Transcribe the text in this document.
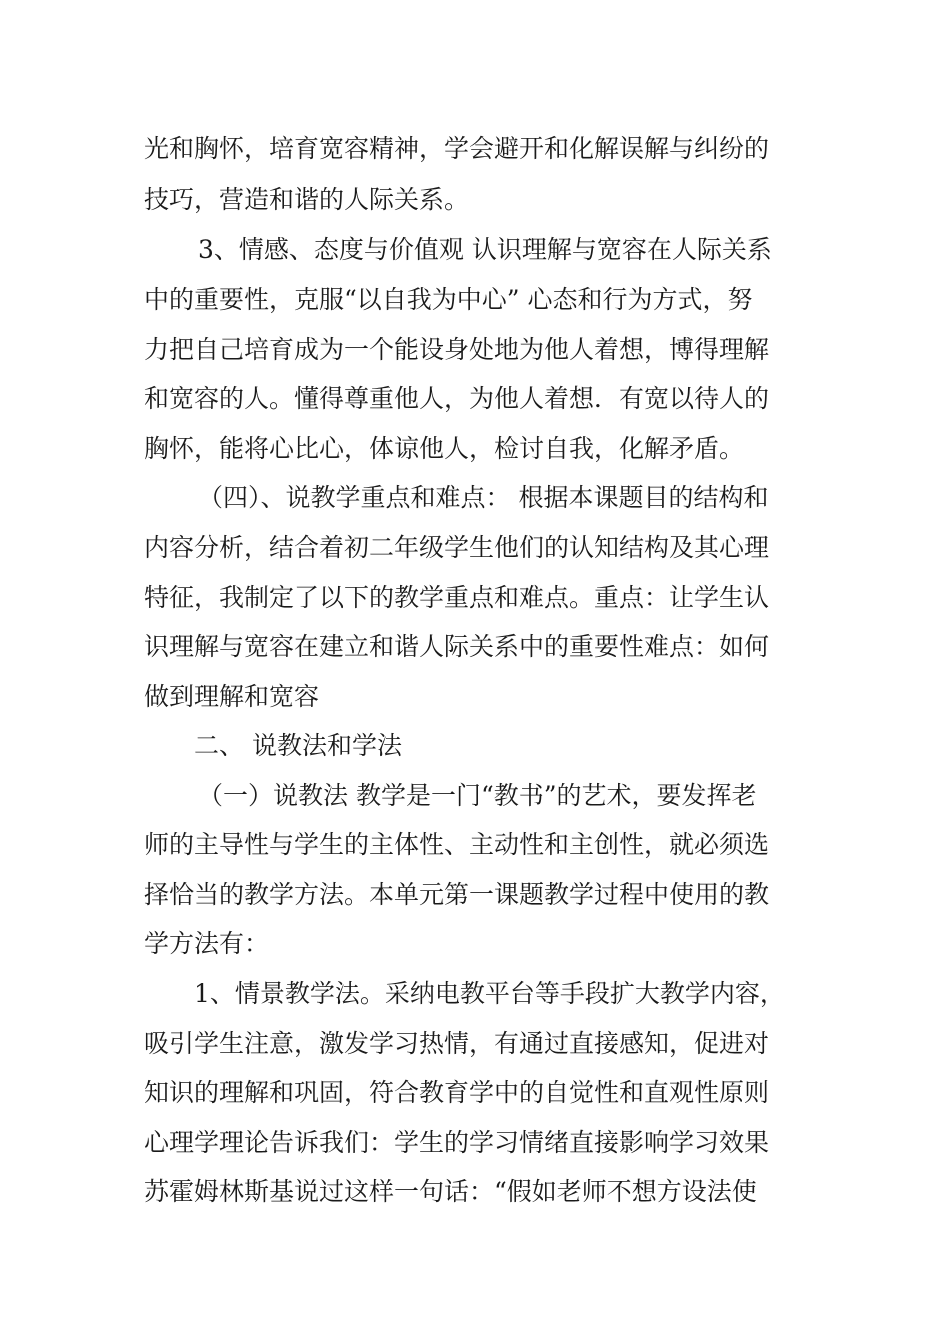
光和胸怀，培育宽容精神，学会避开和化解误解与纠纷的
技巧，营造和谐的人际关系。
3、情感、态度与价值观 认识理解与宽容在人际关系
中的重要性，克服“以自我为中心” 心态和行为方式，努
力把自己培育成为一个能设身处地为他人着想，博得理解
和宽容的人。懂得尊重他人，为他人着想．有宽以待人的
胸怀，能将心比心，体谅他人，检讨自我，化解矛盾。
（四）、说教学重点和难点： 根据本课题目的结构和
内容分析，结合着初二年级学生他们的认知结构及其心理
特征，我制定了以下的教学重点和难点。重点：让学生认
识理解与宽容在建立和谐人际关系中的重要性难点：如何
做到理解和宽容
二、 说教法和学法
（一）说教法 教学是一门“教书”的艺术，要发挥老
师的主导性与学生的主体性、主动性和主创性，就必须选
择恰当的教学方法。本单元第一课题教学过程中使用的教
学方法有：
1、情景教学法。采纳电教平台等手段扩大教学内容，
吸引学生注意，激发学习热情，有通过直接感知，促进对
知识的理解和巩固，符合教育学中的自觉性和直观性原则
心理学理论告诉我们：学生的学习情绪直接影响学习效果
苏霍姆林斯基说过这样一句话：“假如老师不想方设法使
